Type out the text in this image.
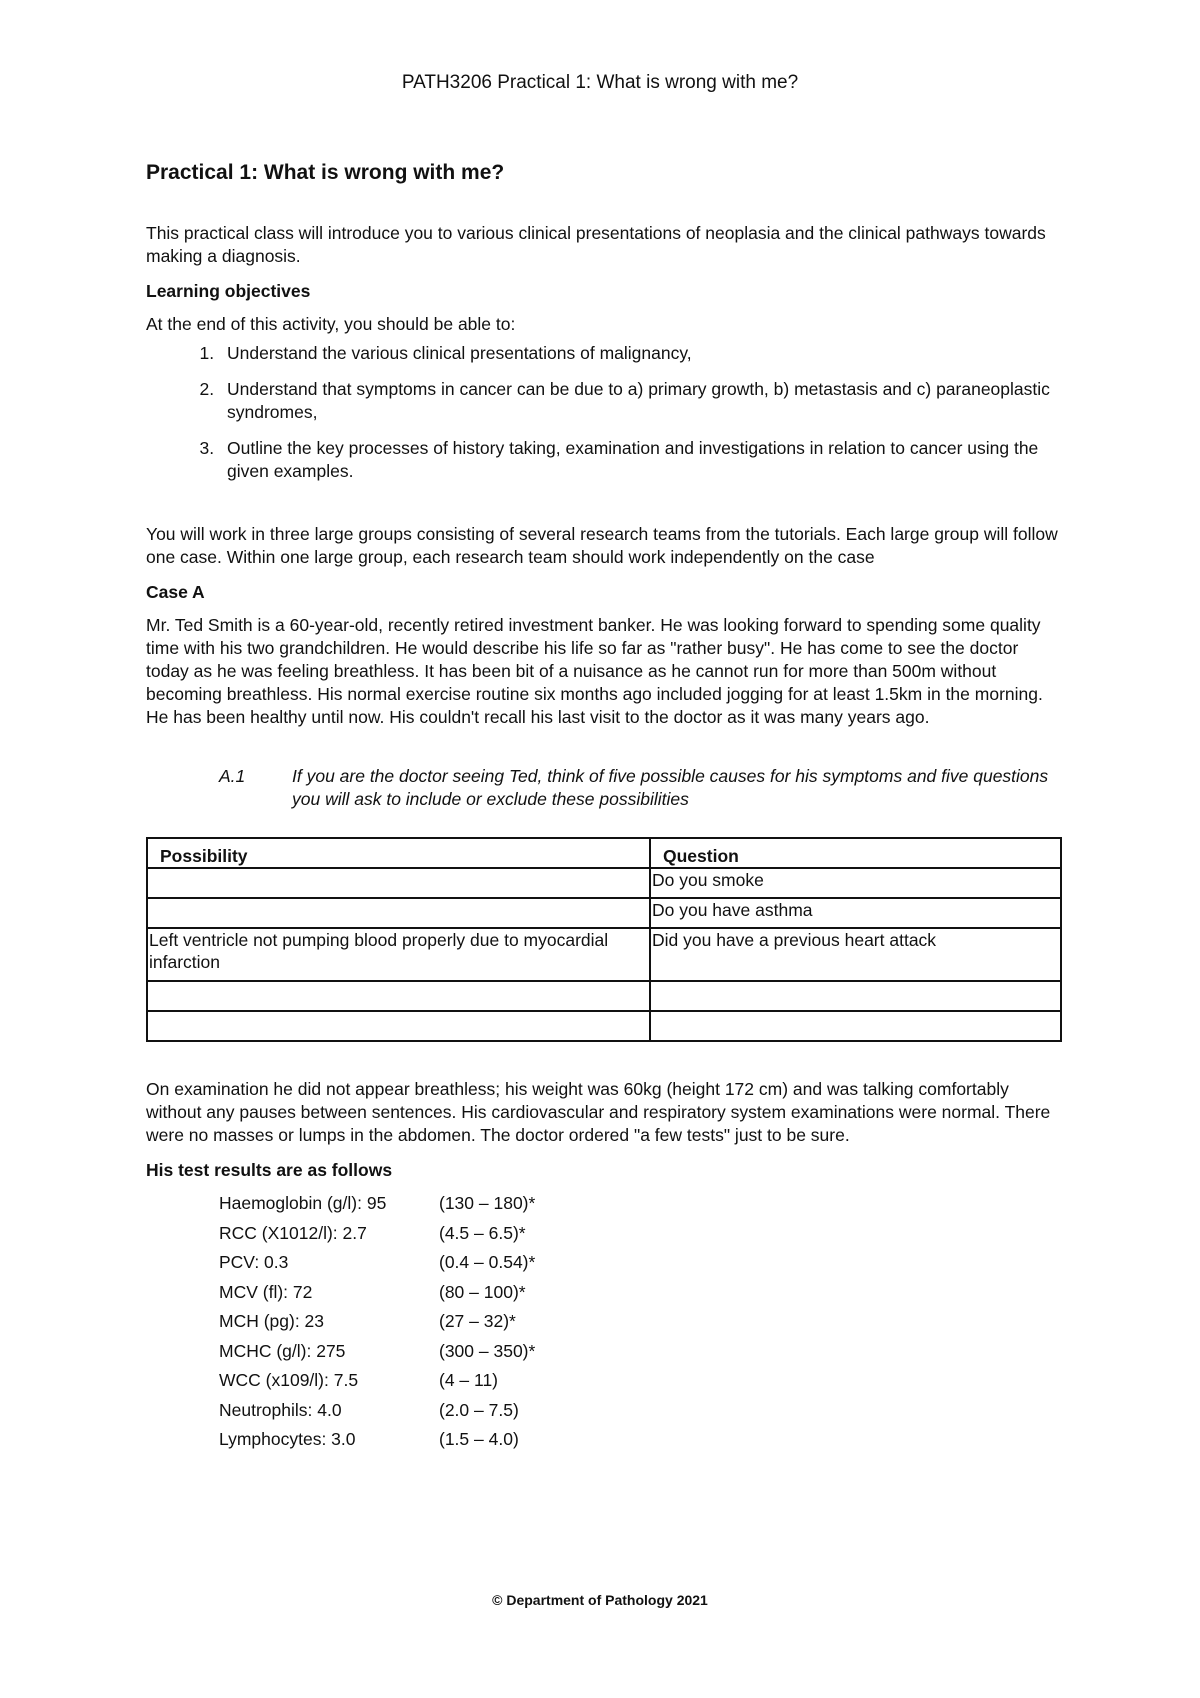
PATH3206 Practical 1: What is wrong with me?
Practical 1: What is wrong with me?

This practical class will introduce you to various clinical presentations of neoplasia and the clinical pathways towards making a diagnosis.

Learning objectives

At the end of this activity, you should be able to:

1. Understand the various clinical presentations of malignancy,
2. Understand that symptoms in cancer can be due to a) primary growth, b) metastasis and c) paraneoplastic syndromes,
3. Outline the key processes of history taking, examination and investigations in relation to cancer using the given examples.

You will work in three large groups consisting of several research teams from the tutorials. Each large group will follow one case. Within one large group, each research team should work independently on the case

Case A

Mr. Ted Smith is a 60-year-old, recently retired investment banker. He was looking forward to spending some quality time with his two grandchildren. He would describe his life so far as "rather busy". He has come to see the doctor today as he was feeling breathless. It has been bit of a nuisance as he cannot run for more than 500m without becoming breathless. His normal exercise routine six months ago included jogging for at least 1.5km in the morning. He has been healthy until now. His couldn't recall his last visit to the doctor as it was many years ago.

A.1	If you are the doctor seeing Ted, think of five possible causes for his symptoms and five questions you will ask to include or exclude these possibilities
Possibility	Question
	Do you smoke
	Do you have asthma
Left ventricle not pumping blood properly due to myocardial infarction	Did you have a previous heart attack

On examination he did not appear breathless; his weight was 60kg (height 172 cm) and was talking comfortably without any pauses between sentences. His cardiovascular and respiratory system examinations were normal. There were no masses or lumps in the abdomen. The doctor ordered "a few tests" just to be sure.

His test results are as follows

Haemoglobin (g/l): 95	(130 – 180)*
RCC (X1012/l): 2.7	(4.5 – 6.5)*
PCV: 0.3	(0.4 – 0.54)*
MCV (fl): 72	(80 – 100)*
MCH (pg): 23	(27 – 32)*
MCHC (g/l): 275	(300 – 350)*
WCC (x109/l): 7.5	(4 – 11)
Neutrophils: 4.0	(2.0 – 7.5)
Lymphocytes: 3.0	(1.5 – 4.0)
© Department of Pathology 2021
